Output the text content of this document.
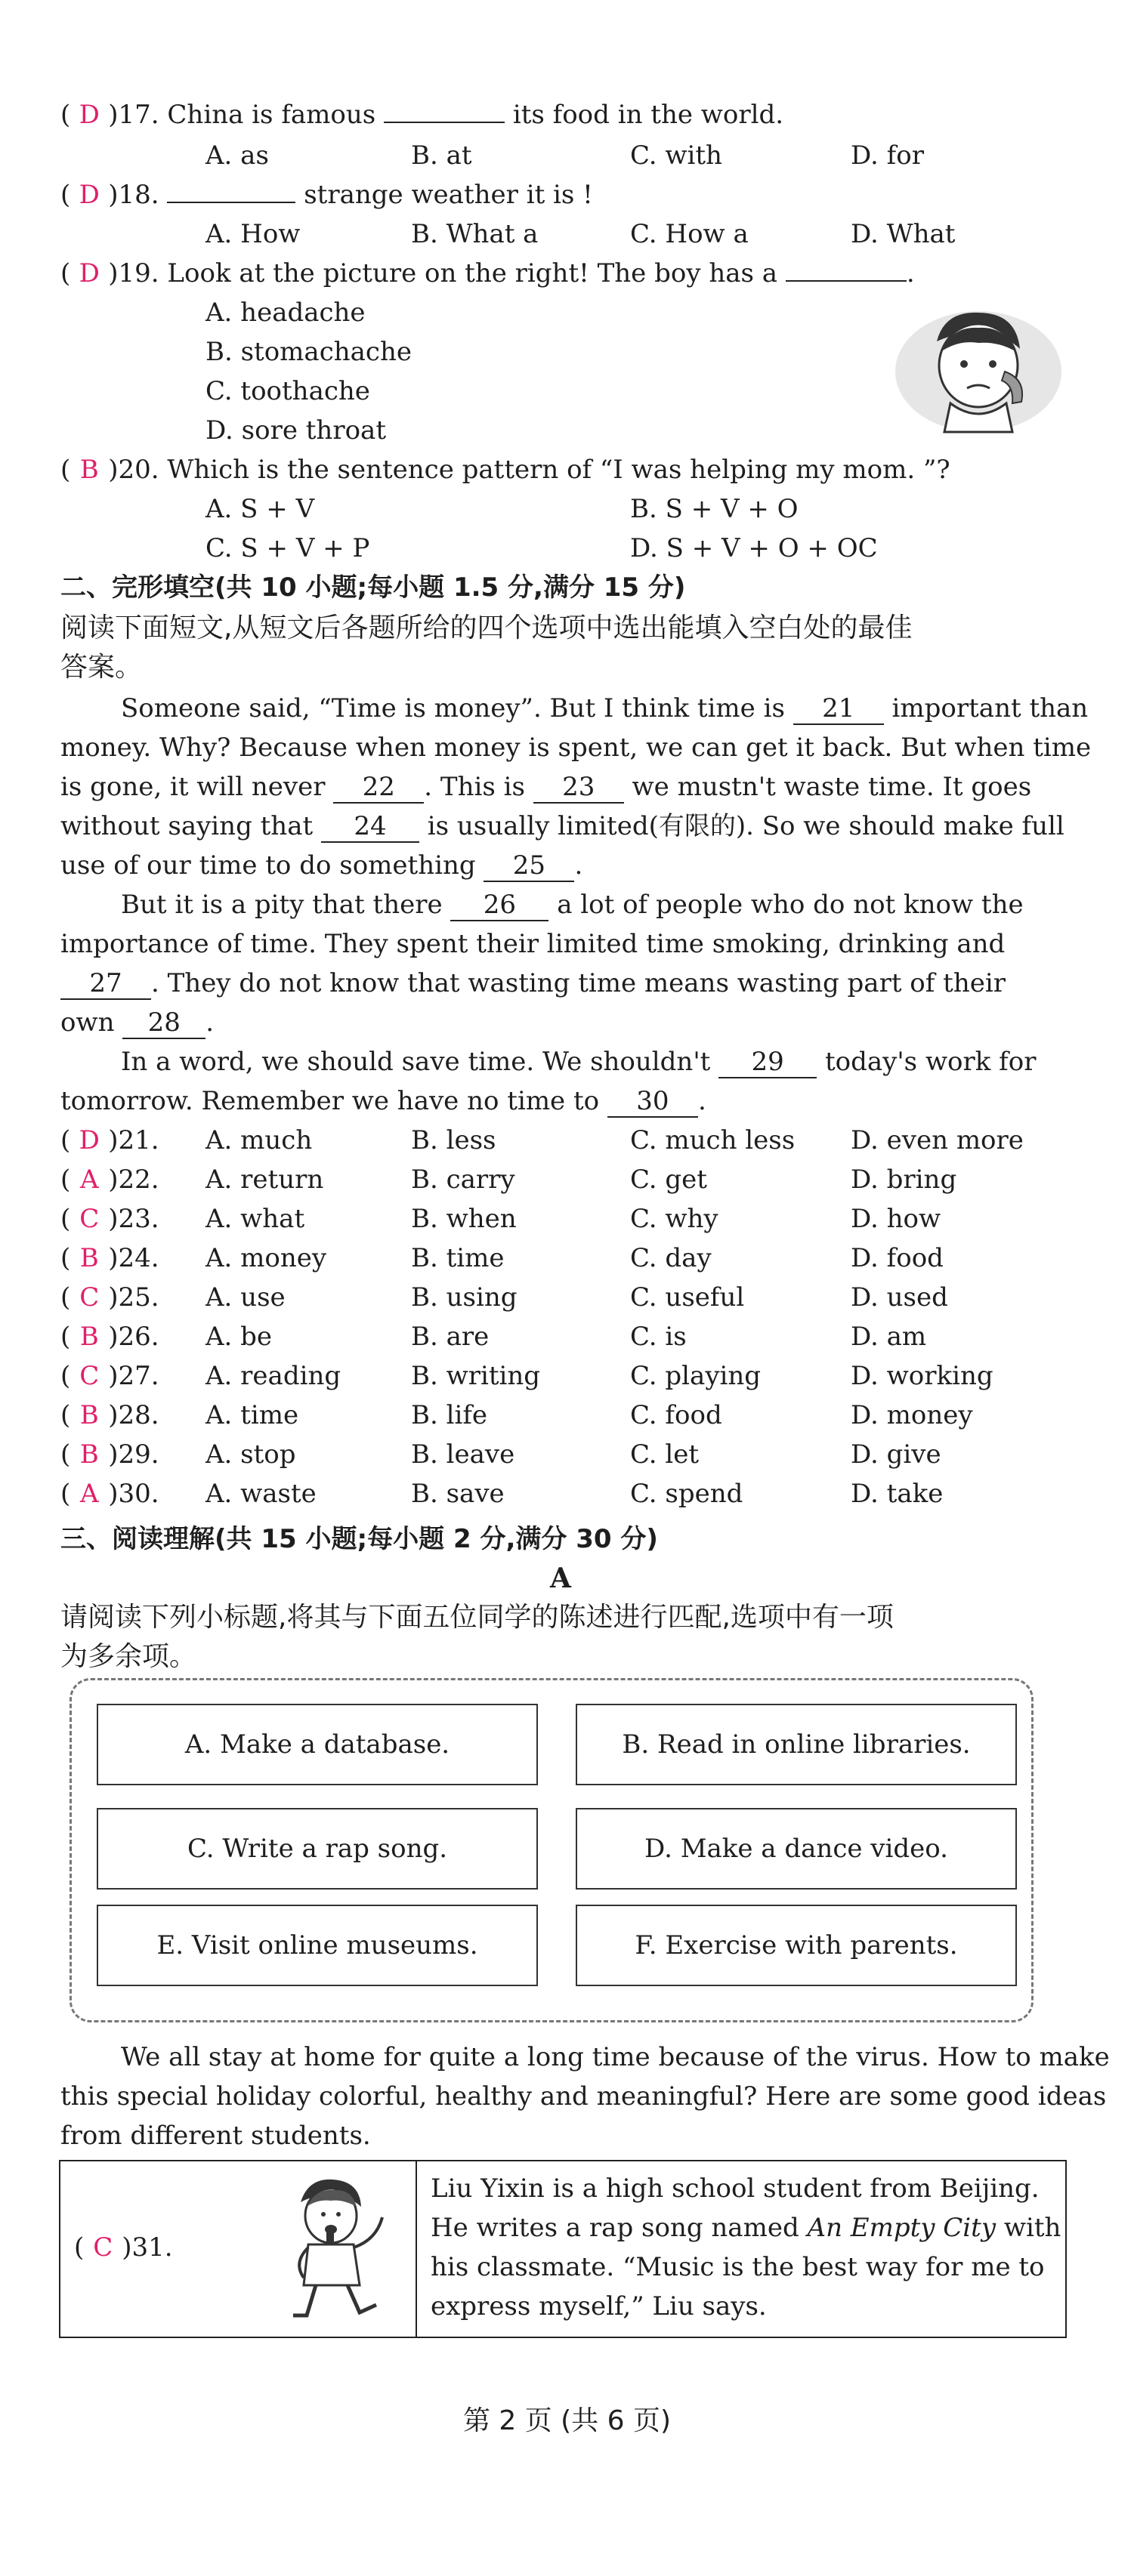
( D )17. China is famous	its food in the world.
A. as	B. at	C. with	D. for
( D )18.	strange weather it is !
A. How	B. What a	C. How a	D. What
( D )19. Look at the picture on the right! The boy has a	.
A. headache
B. stomachache
C. toothache
D. sore throat
( B )20. Which is the sentence pattern of “I was helping my mom. ”?
A. S + V	B. S + V + O
C. S + V + P	D. S + V + O + OC
二、完形填空(共 10 小题;每小题 1.5 分,满分 15 分)
阅读下面短文,从短文后各题所给的四个选项中选出能填入空白处的最佳
答案。
Someone said, “Time is money”. But I think time is 21 important than
money. Why? Because when money is spent, we can get it back. But when time
is gone, it will never 22 . This is 23 we mustn't waste time. It goes
without saying that 24 is usually limited(有限的). So we should make full
use of our time to do something 25 .
But it is a pity that there 26 a lot of people who do not know the
importance of time. They spent their limited time smoking, drinking and
27 . They do not know that wasting time means wasting part of their
own 28 .
In a word, we should save time. We shouldn't 29 today's work for
tomorrow. Remember we have no time to 30 .
( D )21. A. much	B. less	C. much less D. even more
( A )22. A. return	B. carry	C. get	D. bring
( C )23. A. what	B. when	C. why	D. how
( B )24. A. money	B. time	C. day	D. food
( C )25. A. use	B. using	C. useful	D. used
( B )26. A. be	B. are	C. is	D. am
( C )27. A. reading	B. writing	C. playing	D. working
( B )28. A. time	B. life	C. food	D. money
( B )29. A. stop	B. leave	C. let	D. give
( A )30. A. waste	B. save	C. spend	D. take
三、阅读理解(共 15 小题;每小题 2 分,满分 30 分)
A
请阅读下列小标题,将其与下面五位同学的陈述进行匹配,选项中有一项
为多余项。
A. Make a database.	B. Read in online libraries.
C. Write a rap song.	D. Make a dance video.
E. Visit online museums.	F. Exercise with parents.
We all stay at home for quite a long time because of the virus. How to make
this special holiday colorful, healthy and meaningful? Here are some good ideas
from different students.
( C )31.
Liu Yixin is a high school student from Beijing.
He writes a rap song named An Empty City with
his classmate. “Music is the best way for me to
express myself,” Liu says.
第 2 页 (共 6 页)
